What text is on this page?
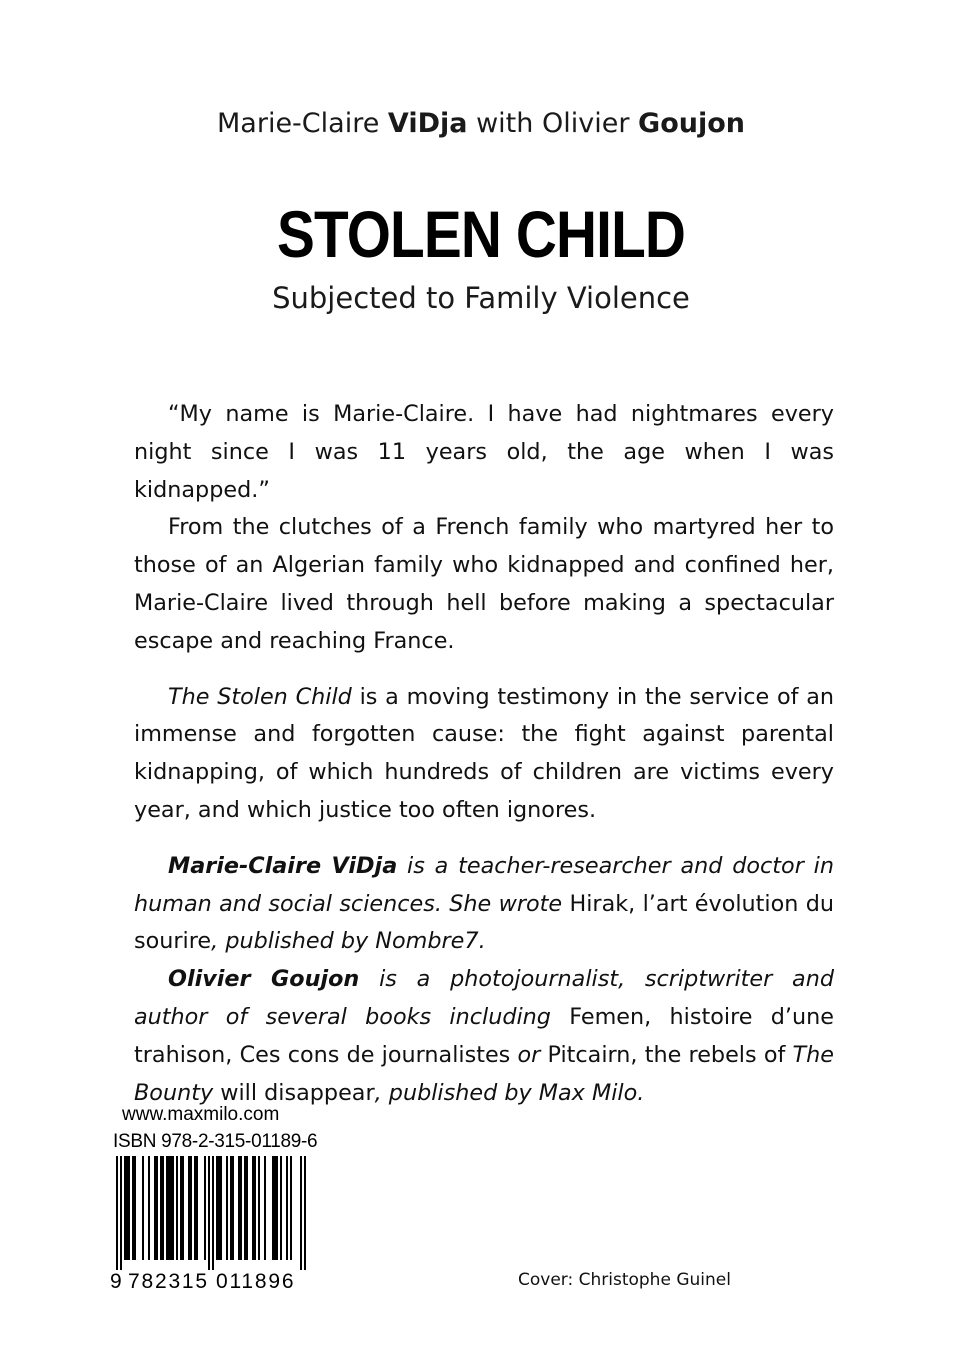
Marie-Claire ViDja with Olivier Goujon
STOLEN CHILD
Subjected to Family Violence

“My name is Marie-Claire. I have had nightmares every night since I was 11 years old, the age when I was kidnapped.”

From the clutches of a French family who martyred her to those of an Algerian family who kidnapped and confined her, Marie-Claire lived through hell before making a spectacular escape and reaching France.

The Stolen Child is a moving testimony in the service of an immense and forgotten cause: the fight against parental kidnapping, of which hundreds of children are victims every year, and which justice too often ignores.

Marie-Claire ViDja is a teacher-researcher and doctor in human and social sciences. She wrote Hirak, l’art évolution du sourire, published by Nombre7.

Olivier Goujon is a photojournalist, scriptwriter and author of several books including Femen, histoire d’une trahison, Ces cons de journalistes or Pitcairn, the rebels of The Bounty will disappear, published by Max Milo.

www.maxmilo.com
ISBN 978-2-315-01189-6
9 782315 011896	Cover: Christophe Guinel
